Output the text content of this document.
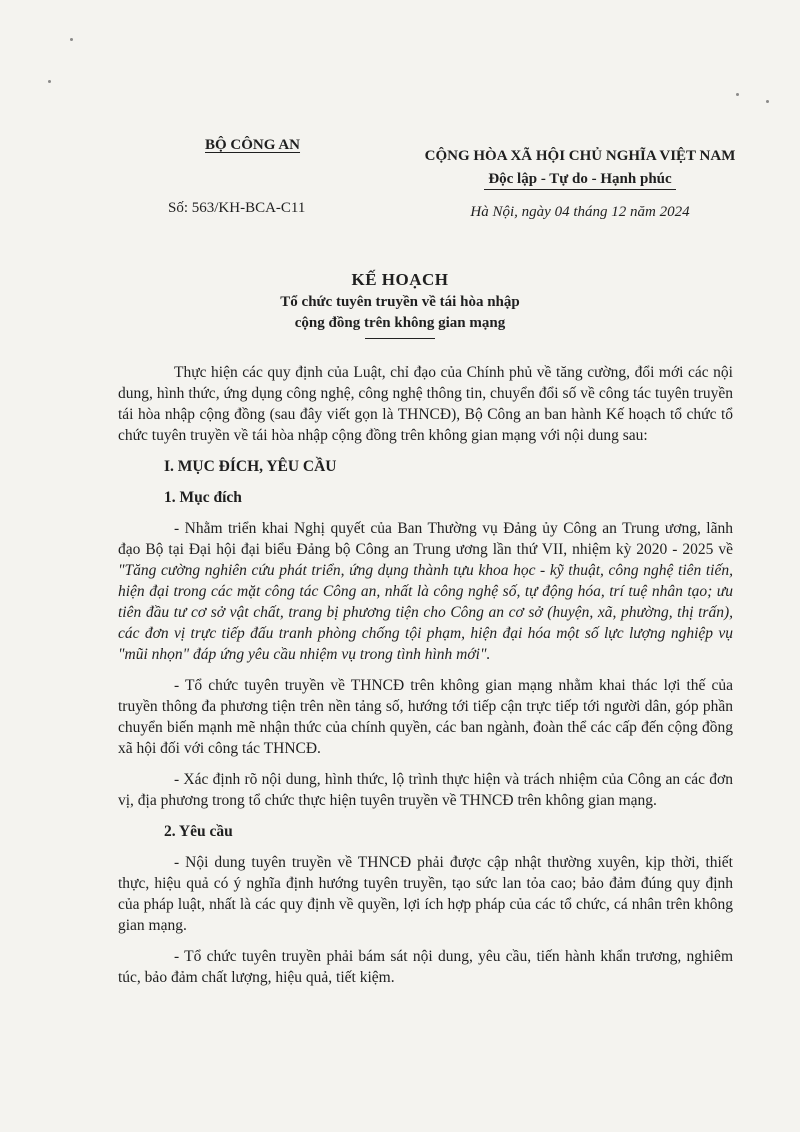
BỘ CÔNG AN
Số: 563/KH-BCA-C11
CỘNG HÒA XÃ HỘI CHỦ NGHĨA VIỆT NAM
Độc lập - Tự do - Hạnh phúc
Hà Nội, ngày 04 tháng 12 năm 2024
KẾ HOẠCH
Tổ chức tuyên truyền về tái hòa nhập
cộng đồng trên không gian mạng

Thực hiện các quy định của Luật, chỉ đạo của Chính phủ về tăng cường, đổi mới các nội dung, hình thức, ứng dụng công nghệ, công nghệ thông tin, chuyển đổi số về công tác tuyên truyền tái hòa nhập cộng đồng (sau đây viết gọn là THNCĐ), Bộ Công an ban hành Kế hoạch tổ chức tổ chức tuyên truyền về tái hòa nhập cộng đồng trên không gian mạng với nội dung sau:

I. MỤC ĐÍCH, YÊU CẦU

1. Mục đích

- Nhằm triển khai Nghị quyết của Ban Thường vụ Đảng ủy Công an Trung ương, lãnh đạo Bộ tại Đại hội đại biểu Đảng bộ Công an Trung ương lần thứ VII, nhiệm kỳ 2020 - 2025 về "Tăng cường nghiên cứu phát triển, ứng dụng thành tựu khoa học - kỹ thuật, công nghệ tiên tiến, hiện đại trong các mặt công tác Công an, nhất là công nghệ số, tự động hóa, trí tuệ nhân tạo; ưu tiên đầu tư cơ sở vật chất, trang bị phương tiện cho Công an cơ sở (huyện, xã, phường, thị trấn), các đơn vị trực tiếp đấu tranh phòng chống tội phạm, hiện đại hóa một số lực lượng nghiệp vụ "mũi nhọn" đáp ứng yêu cầu nhiệm vụ trong tình hình mới".

- Tổ chức tuyên truyền về THNCĐ trên không gian mạng nhằm khai thác lợi thế của truyền thông đa phương tiện trên nền tảng số, hướng tới tiếp cận trực tiếp tới người dân, góp phần chuyển biến mạnh mẽ nhận thức của chính quyền, các ban ngành, đoàn thể các cấp đến cộng đồng xã hội đối với công tác THNCĐ.

- Xác định rõ nội dung, hình thức, lộ trình thực hiện và trách nhiệm của Công an các đơn vị, địa phương trong tổ chức thực hiện tuyên truyền về THNCĐ trên không gian mạng.

2. Yêu cầu

- Nội dung tuyên truyền về THNCĐ phải được cập nhật thường xuyên, kịp thời, thiết thực, hiệu quả có ý nghĩa định hướng tuyên truyền, tạo sức lan tỏa cao; bảo đảm đúng quy định của pháp luật, nhất là các quy định về quyền, lợi ích hợp pháp của các tổ chức, cá nhân trên không gian mạng.

- Tổ chức tuyên truyền phải bám sát nội dung, yêu cầu, tiến hành khẩn trương, nghiêm túc, bảo đảm chất lượng, hiệu quả, tiết kiệm.
